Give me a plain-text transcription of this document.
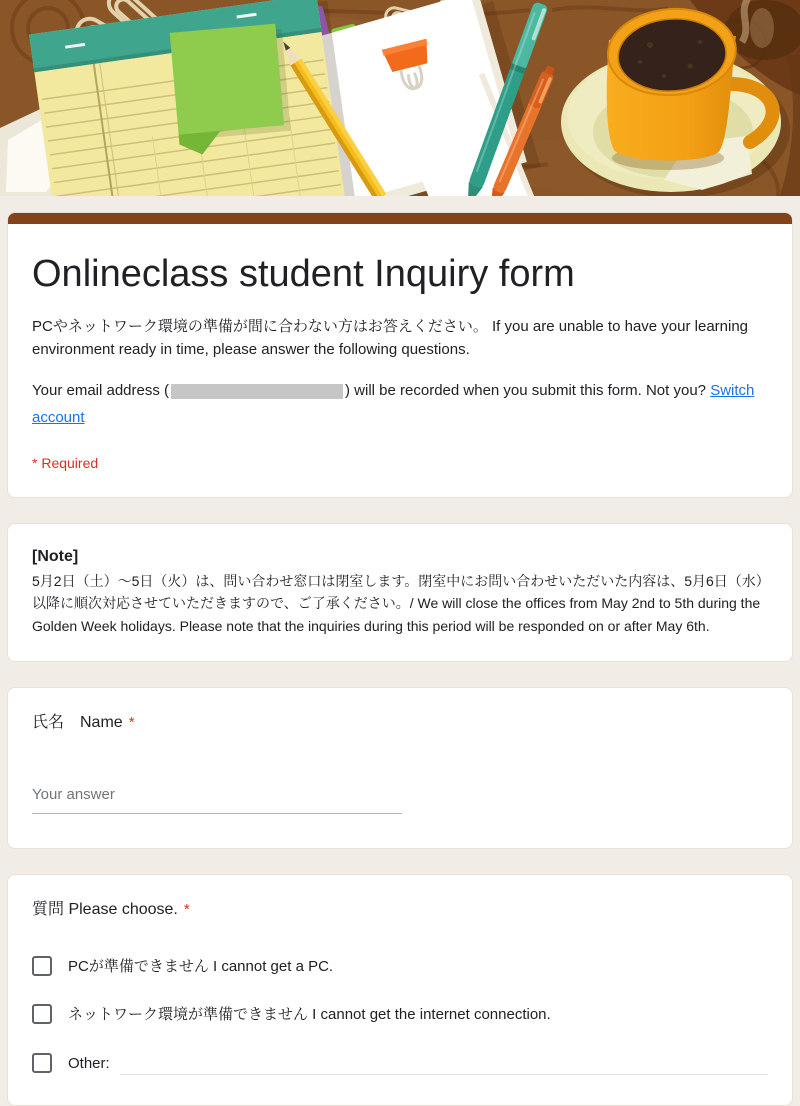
Onlineclass student Inquiry form

PCやネットワーク環境の準備が間に合わない方はお答えください。 If you are unable to have your learning environment ready in time, please answer the following questions.

Your email address (	) will be recorded when you submit this form. Not you? Switch account

* Required

[Note]

5月2日（土）～5日（火）は、問い合わせ窓口は閉室します。閉室中にお問い合わせいただいた内容は、5月6日（水）以降に順次対応させていただきますので、ご了承ください。/ We will close the offices from May 2nd to 5th during the Golden Week holidays. Please note that the inquiries during this period will be responded on or after May 6th.

氏名　Name *
Your answer
質問 Please choose. *
PCが準備できません I cannot get a PC.
ネットワーク環境が準備できません I cannot get the internet connection.
Other:
